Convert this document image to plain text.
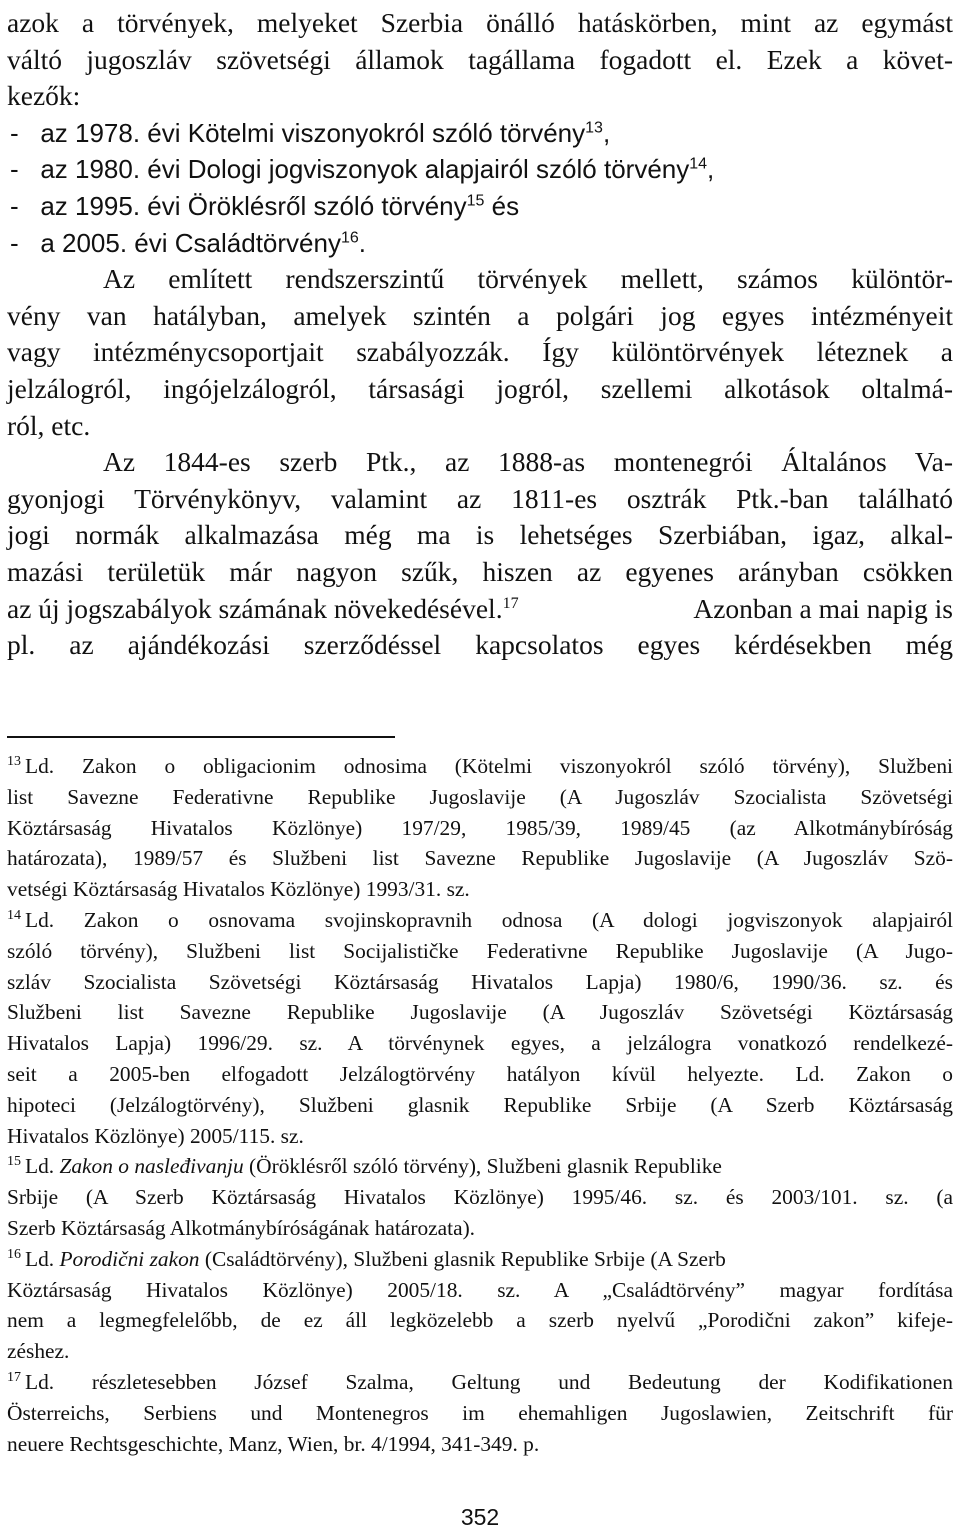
azok a törvények, melyeket Szerbia önálló hatáskörben, mint az egymást
váltó jugoszláv szövetségi államok tagállama fogadott el. Ezek a követ-
kezők:
-   az 1978. évi Kötelmi viszonyokról szóló törvény$^{13}$,
-   az 1980. évi Dologi jogviszonyok alapjairól szóló törvény$^{14}$,
-   az 1995. évi Öröklésről szóló törvény$^{15}$ és
-   a 2005. évi Családtörvény$^{16}$.
Az említett rendszerszintű törvények mellett, számos különtör-
vény van hatályban, amelyek szintén a polgári jog egyes intézményeit
vagy intézménycsoportjait szabályozzák. Így különtörvények léteznek a
jelzálogról, ingójelzálogról, társasági jogról, szellemi alkotások oltalmá-
ról, etc.
Az 1844-es szerb Ptk., az 1888-as montenegrói Általános Va-
gyonjogi Törvénykönyv, valamint az 1811-es osztrák Ptk.-ban található
jogi normák alkalmazása még ma is lehetséges Szerbiában, igaz, alkal-
mazási területük már nagyon szűk, hiszen az egyenes arányban csökken
az új jogszabályok számának növekedésével.$^{17}$	Azonban a mai napig is
pl. az ajándékozási szerződéssel kapcsolatos egyes kérdésekben még
$^{13}$ Ld. Zakon o obligacionim odnosima (Kötelmi viszonyokról szóló törvény), Službeni
list Savezne Federativne Republike Jugoslavije (A Jugoszláv Szocialista Szövetségi
Köztársaság Hivatalos Közlönye) 197/29, 1985/39, 1989/45 (az Alkotmánybíróság
határozata), 1989/57 és Službeni list Savezne Republike Jugoslavije (A Jugoszláv Szö-
vetségi Köztársaság Hivatalos Közlönye) 1993/31. sz.
$^{14}$ Ld. Zakon o osnovama svojinskopravnih odnosa (A dologi jogviszonyok alapjairól
szóló törvény), Službeni list Socijalističke Federativne Republike Jugoslavije (A Jugo-
szláv Szocialista Szövetségi Köztársaság Hivatalos Lapja) 1980/6, 1990/36. sz. és
Službeni list Savezne Republike Jugoslavije (A Jugoszláv Szövetségi Köztársaság
Hivatalos Lapja) 1996/29. sz. A törvénynek egyes, a jelzálogra vonatkozó rendelkezé-
seit a 2005-ben elfogadott Jelzálogtörvény hatályon kívül helyezte. Ld. Zakon o
hipoteci (Jelzálogtörvény), Službeni glasnik Republike Srbije (A Szerb Köztársaság
Hivatalos Közlönye) 2005/115. sz.
$^{15}$ Ld. Zakon o nasleđivanju (Öröklésről szóló törvény), Službeni glasnik Republike
Srbije (A Szerb Köztársaság Hivatalos Közlönye) 1995/46. sz. és 2003/101. sz. (a
Szerb Köztársaság Alkotmánybíróságának határozata).
$^{16}$ Ld. Porodični zakon (Családtörvény), Službeni glasnik Republike Srbije (A Szerb
Köztársaság Hivatalos Közlönye) 2005/18. sz. A „Családtörvény” magyar fordítása
nem a legmegfelelőbb, de ez áll legközelebb a szerb nyelvű „Porodični zakon” kifeje-
zéshez.
$^{17}$ Ld. részletesebben József Szalma, Geltung und Bedeutung der Kodifikationen
Österreichs, Serbiens und Montenegros im ehemahligen Jugoslawien, Zeitschrift für
neuere Rechtsgeschichte, Manz, Wien, br. 4/1994, 341-349. p.
352
